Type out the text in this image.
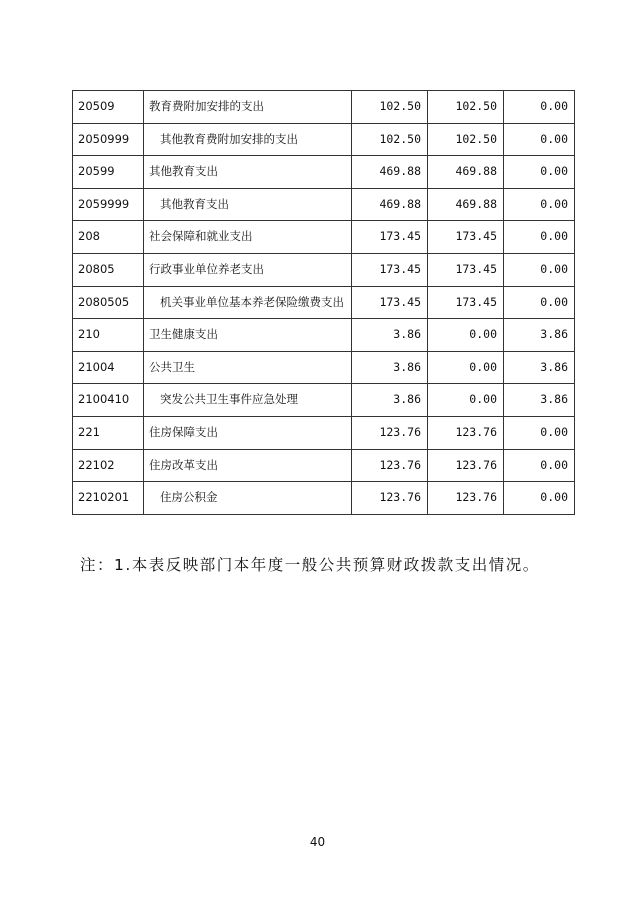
20509	教育费附加安排的支出	102.50	102.50	0.00
2050999	其他教育费附加安排的支出	102.50	102.50	0.00
20599	其他教育支出	469.88	469.88	0.00
2059999	其他教育支出	469.88	469.88	0.00
208	社会保障和就业支出	173.45	173.45	0.00
20805	行政事业单位养老支出	173.45	173.45	0.00
2080505	机关事业单位基本养老保险缴费支出	173.45	173.45	0.00
210	卫生健康支出	3.86	0.00	3.86
21004	公共卫生	3.86	0.00	3.86
2100410	突发公共卫生事件应急处理	3.86	0.00	3.86
221	住房保障支出	123.76	123.76	0.00
22102	住房改革支出	123.76	123.76	0.00
2210201	住房公积金	123.76	123.76	0.00
注：1.本表反映部门本年度一般公共预算财政拨款支出情况。
40
